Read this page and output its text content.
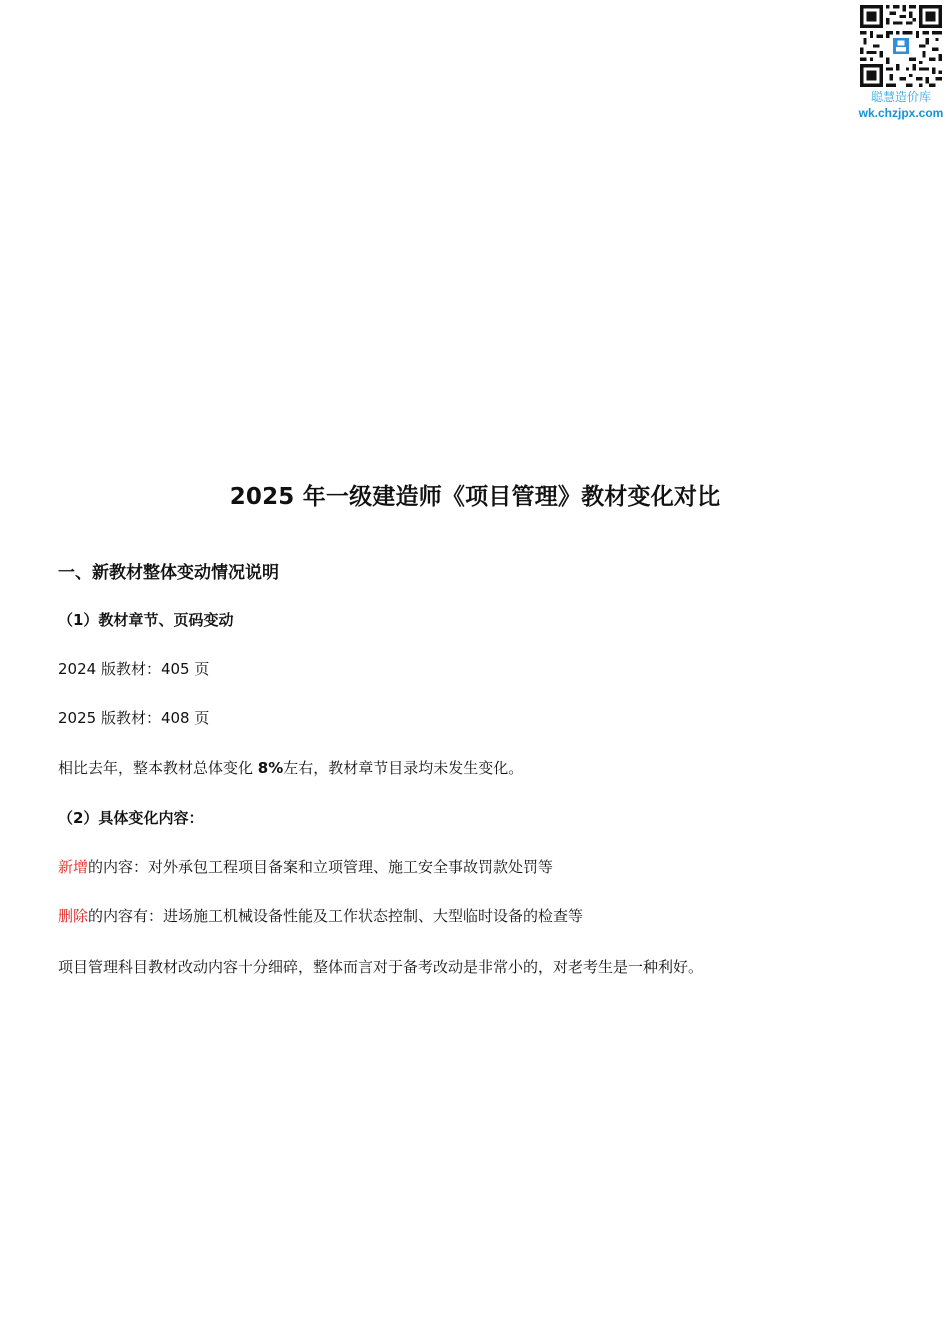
聪慧造价库
wk.chzjpx.com
2025 年一级建造师《项目管理》教材变化对比
一、新教材整体变动情况说明
（1）教材章节、页码变动

2024 版教材：405 页

2025 版教材：408 页

相比去年，整本教材总体变化 8%左右，教材章节目录均未发生变化。

（2）具体变化内容：

新增的内容：对外承包工程项目备案和立项管理、施工安全事故罚款处罚等

删除的内容有：进场施工机械设备性能及工作状态控制、大型临时设备的检查等

项目管理科目教材改动内容十分细碎，整体而言对于备考改动是非常小的，对老考生是一种利好。
